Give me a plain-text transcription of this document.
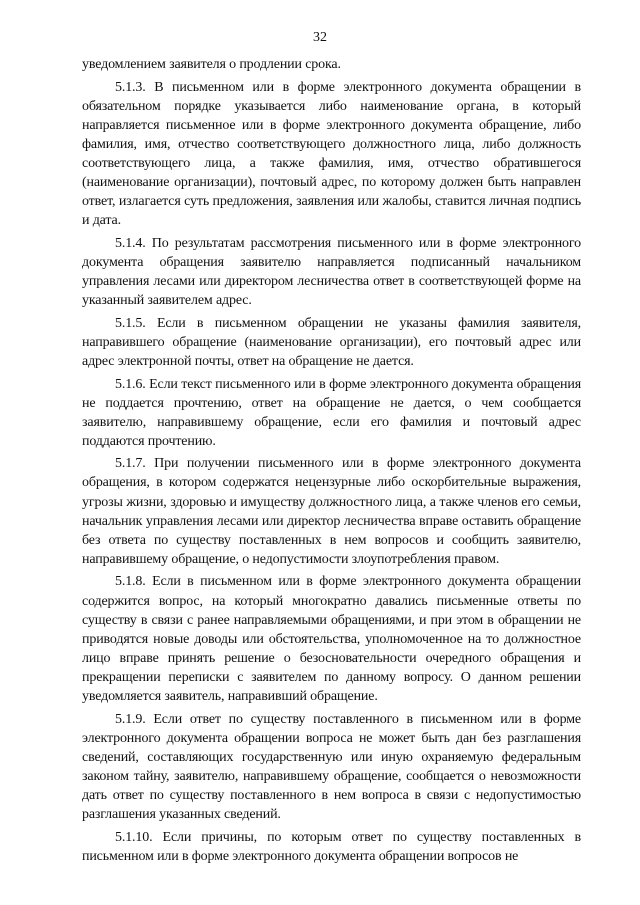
32

уведомлением заявителя о продлении срока.

5.1.3. В письменном или в форме электронного документа обращении в обязательном порядке указывается либо наименование органа, в который направляется письменное или в форме электронного документа обращение, либо фамилия, имя, отчество соответствующего должностного лица, либо должность соответствующего лица, а также фамилия, имя, отчество обратившегося (наименование организации), почтовый адрес, по которому должен быть направлен ответ, излагается суть предложения, заявления или жалобы, ставится личная подпись и дата.

5.1.4. По результатам рассмотрения письменного или в форме электронного документа обращения заявителю направляется подписанный начальником управления лесами или директором лесничества ответ в соответствующей форме на указанный заявителем адрес.

5.1.5. Если в письменном обращении не указаны фамилия заявителя, направившего обращение (наименование организации), его почтовый адрес или адрес электронной почты, ответ на обращение не дается.

5.1.6. Если текст письменного или в форме электронного документа обращения не поддается прочтению, ответ на обращение не дается, о чем сообщается заявителю, направившему обращение, если его фамилия и почтовый адрес поддаются прочтению.

5.1.7. При получении письменного или в форме электронного документа обращения, в котором содержатся нецензурные либо оскорбительные выражения, угрозы жизни, здоровью и имуществу должностного лица, а также членов его семьи, начальник управления лесами или директор лесничества вправе оставить обращение без ответа по существу поставленных в нем вопросов и сообщить заявителю, направившему обращение, о недопустимости злоупотребления правом.

5.1.8. Если в письменном или в форме электронного документа обращении содержится вопрос, на который многократно давались письменные ответы по существу в связи с ранее направляемыми обращениями, и при этом в обращении не приводятся новые доводы или обстоятельства, уполномоченное на то должностное лицо вправе принять решение о безосновательности очередного обращения и прекращении переписки с заявителем по данному вопросу. О данном решении уведомляется заявитель, направивший обращение.

5.1.9. Если ответ по существу поставленного в письменном или в форме электронного документа обращении вопроса не может быть дан без разглашения сведений, составляющих государственную или иную охраняемую федеральным законом тайну, заявителю, направившему обращение, сообщается о невозможности дать ответ по существу поставленного в нем вопроса в связи с недопустимостью разглашения указанных сведений.

5.1.10. Если причины, по которым ответ по существу поставленных в письменном или в форме электронного документа обращении вопросов не
